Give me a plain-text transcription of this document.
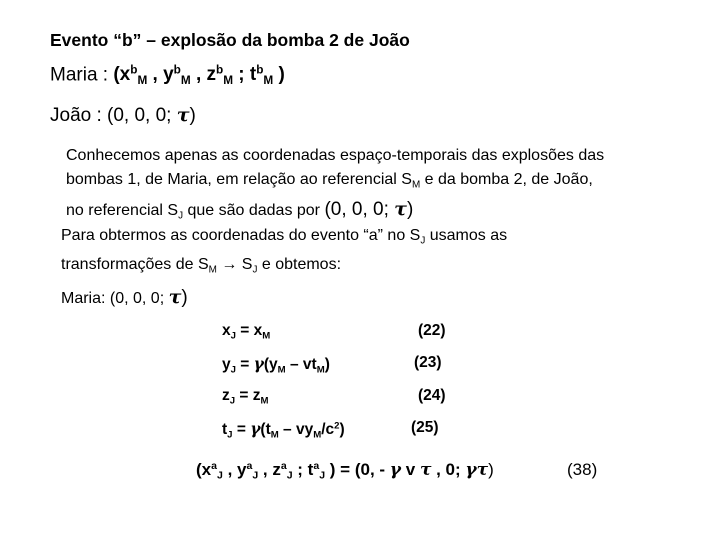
Evento “b” – explosão da bomba 2 de João
Maria : ($x^b_M$ , $y^b_M$ , $z^b_M$ ; $t^b_M$ )
João : (0, 0, 0; τ)
Conhecemos apenas as coordenadas espaço-temporais das explosões das
bombas 1, de Maria, em relação ao referencial $S_M$ e da bomba 2, de João,
no referencial $S_J$ que são dadas por (0, 0, 0; τ)
Para obtermos as coordenadas do evento “a” no $S_J$ usamos as
transformações de $S_M \to S_J$ e obtemos:
Maria: (0, 0, 0; τ)
$x_J = x_M$	(22)
$y_J = \gamma(y_M - vt_M)$	(23)
$z_J = z_M$	(24)
$t_J = \gamma(t_M - vy_M/c^2)$	(25)
($x^a_J$ , $y^a_J$ , $z^a_J$ ; $t^a_J$ ) = (0, - γ v τ , 0; γτ)	(38)
